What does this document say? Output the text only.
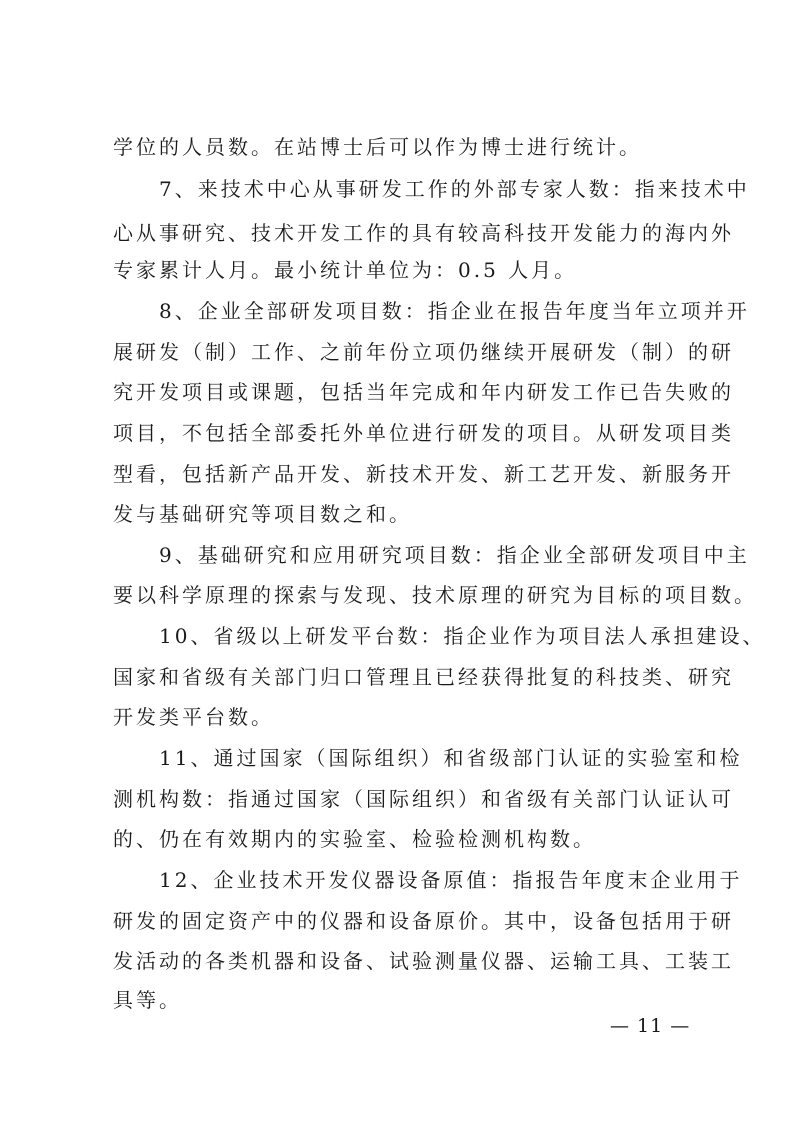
学位的人员数。在站博士后可以作为博士进行统计。
7、来技术中心从事研发工作的外部专家人数：指来技术中
心从事研究、技术开发工作的具有较高科技开发能力的海内外
专家累计人月。最小统计单位为：0.5 人月。
8、企业全部研发项目数：指企业在报告年度当年立项并开
展研发（制）工作、之前年份立项仍继续开展研发（制）的研
究开发项目或课题，包括当年完成和年内研发工作已告失败的
项目，不包括全部委托外单位进行研发的项目。从研发项目类
型看，包括新产品开发、新技术开发、新工艺开发、新服务开
发与基础研究等项目数之和。
9、基础研究和应用研究项目数：指企业全部研发项目中主
要以科学原理的探索与发现、技术原理的研究为目标的项目数。
10、省级以上研发平台数：指企业作为项目法人承担建设、
国家和省级有关部门归口管理且已经获得批复的科技类、研究
开发类平台数。
11、通过国家（国际组织）和省级部门认证的实验室和检
测机构数：指通过国家（国际组织）和省级有关部门认证认可
的、仍在有效期内的实验室、检验检测机构数。
12、企业技术开发仪器设备原值：指报告年度末企业用于
研发的固定资产中的仪器和设备原价。其中，设备包括用于研
发活动的各类机器和设备、试验测量仪器、运输工具、工装工
具等。
— 11 —
